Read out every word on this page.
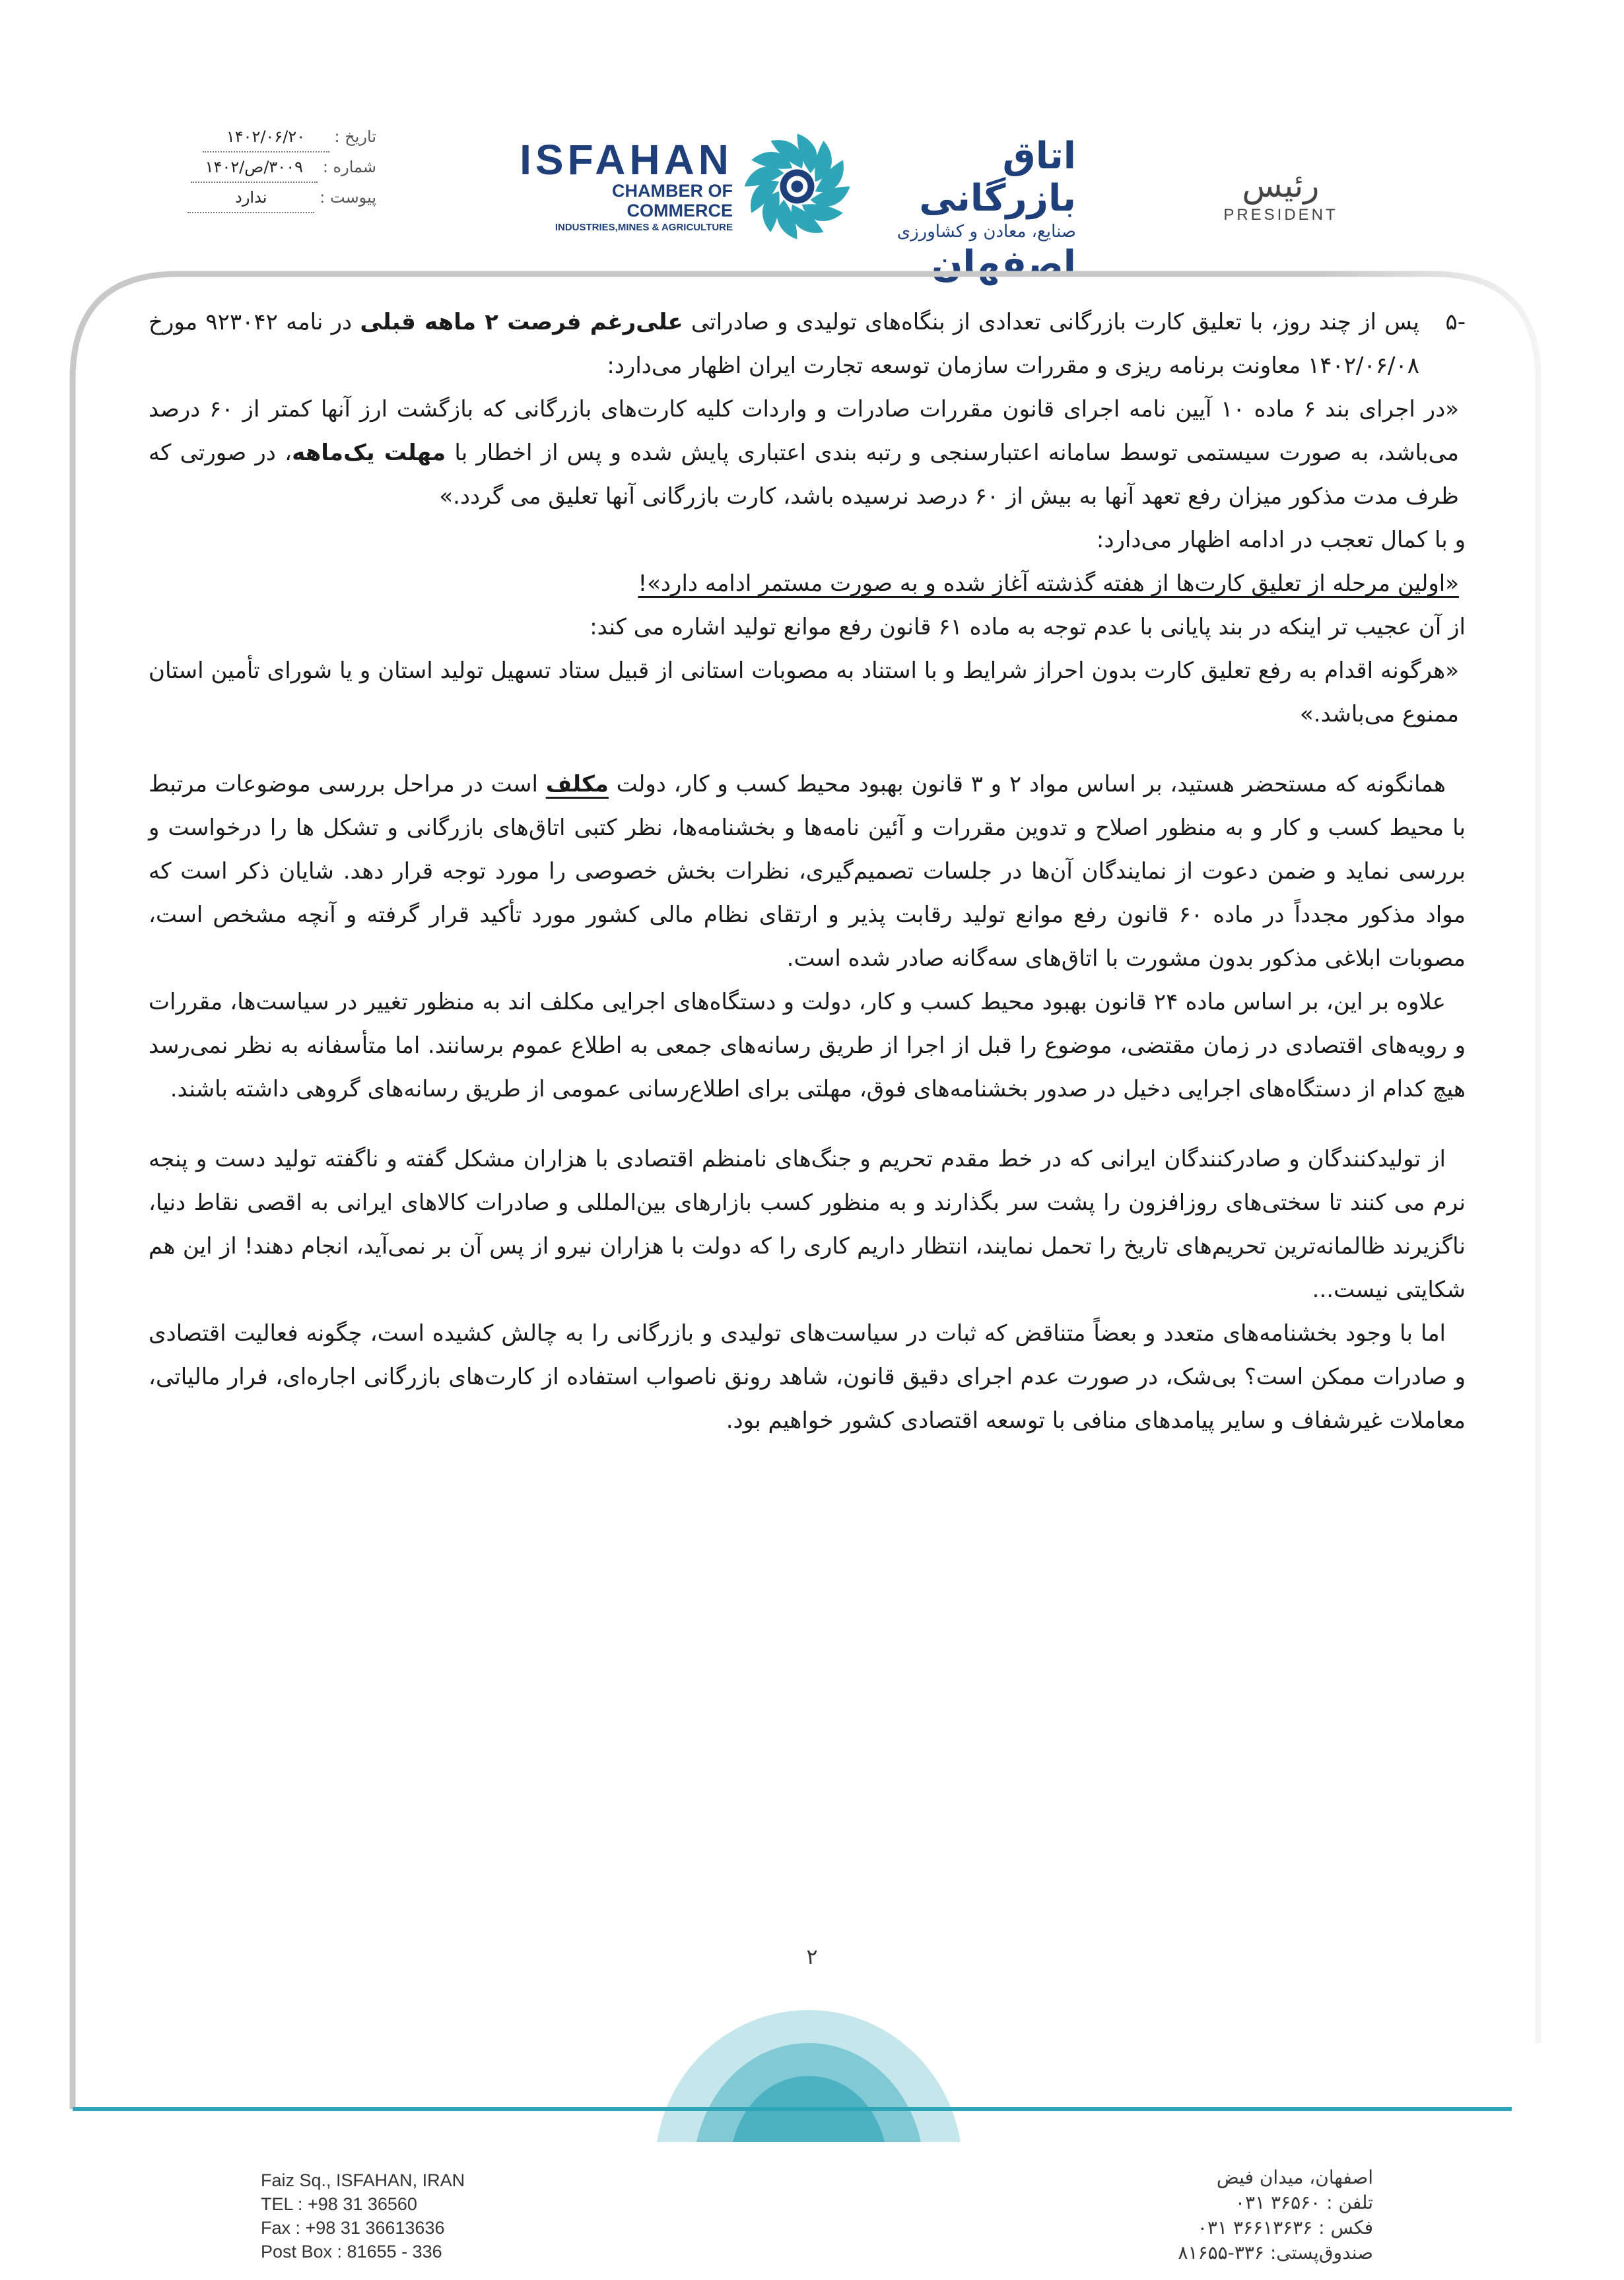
تاریخ :
۱۴۰۲/۰۶/۲۰
شماره :
۳۰۰۹/ص/۱۴۰۲
پیوست :
ندارد
ISFAHAN
CHAMBER OF COMMERCE
INDUSTRIES,MINES & AGRICULTURE
اتاق بازرگانی
صنایع، معادن و کشاورزی
اصفهان
رئیس
PRESIDENT
-۵
پس از چند روز، با تعلیق کارت بازرگانی تعدادی از بنگاه‌های تولیدی و صادراتی علی‌رغم فرصت ۲ ماهه قبلی در نامه ۹۲۳۰۴۲ مورخ ۱۴۰۲/۰۶/۰۸ معاونت برنامه ریزی و مقررات سازمان توسعه تجارت ایران اظهار می‌دارد:

«در اجرای بند ۶ ماده ۱۰ آیین نامه اجرای قانون مقررات صادرات و واردات کلیه کارت‌های بازرگانی که بازگشت ارز آنها کمتر از ۶۰ درصد می‌باشد، به صورت سیستمی توسط سامانه اعتبارسنجی و رتبه بندی اعتباری پایش شده و پس از اخطار با مهلت یک‌ماهه، در صورتی که ظرف مدت مذکور میزان رفع تعهد آنها به بیش از ۶۰ درصد نرسیده باشد، کارت بازرگانی آنها تعلیق می گردد.»

و با کمال تعجب در ادامه اظهار می‌دارد:

«اولین مرحله از تعلیق کارت‌ها از هفته گذشته آغاز شده و به صورت مستمر ادامه دارد»!

از آن عجیب تر اینکه در بند پایانی با عدم توجه به ماده ۶۱ قانون رفع موانع تولید اشاره می کند:

«هرگونه اقدام به رفع تعلیق کارت بدون احراز شرایط و با استناد به مصوبات استانی از قبیل ستاد تسهیل تولید استان و یا شورای تأمین استان ممنوع می‌باشد.»

همانگونه که مستحضر هستید، بر اساس مواد ۲ و ۳ قانون بهبود محیط کسب و کار، دولت مکلف است در مراحل بررسی موضوعات مرتبط با محیط کسب و کار و به منظور اصلاح و تدوین مقررات و آئین نامه‌ها و بخشنامه‌ها، نظر کتبی اتاق‌های بازرگانی و تشکل ها را درخواست و بررسی نماید و ضمن دعوت از نمایندگان آن‌ها در جلسات تصمیم‌گیری، نظرات بخش خصوصی را مورد توجه قرار دهد. شایان ذکر است که مواد مذکور مجدداً در ماده ۶۰ قانون رفع موانع تولید رقابت پذیر و ارتقای نظام مالی کشور مورد تأکید قرار گرفته و آنچه مشخص است، مصوبات ابلاغی مذکور بدون مشورت با اتاق‌های سه‌گانه صادر شده است.

علاوه بر این، بر اساس ماده ۲۴ قانون بهبود محیط کسب و کار، دولت و دستگاه‌های اجرایی مکلف اند به منظور تغییر در سیاست‌ها، مقررات و رویه‌های اقتصادی در زمان مقتضی، موضوع را قبل از اجرا از طریق رسانه‌های جمعی به اطلاع عموم برسانند. اما متأسفانه به نظر نمی‌رسد هیچ کدام از دستگاه‌های اجرایی دخیل در صدور بخشنامه‌های فوق، مهلتی برای اطلاع‌رسانی عمومی از طریق رسانه‌های گروهی داشته باشند.

از تولیدکنندگان و صادرکنندگان ایرانی که در خط مقدم تحریم و جنگ‌های نامنظم اقتصادی با هزاران مشکل گفته و ناگفته تولید دست و پنجه نرم می کنند تا سختی‌های روزافزون را پشت سر بگذارند و به منظور کسب بازارهای بین‌المللی و صادرات کالاهای ایرانی به اقصی نقاط دنیا، ناگزیرند ظالمانه‌ترین تحریم‌های تاریخ را تحمل نمایند، انتظار داریم کاری را که دولت با هزاران نیرو از پس آن بر نمی‌آید، انجام دهند! از این هم شکایتی نیست...

اما با وجود بخشنامه‌های متعدد و بعضاً متناقض که ثبات در سیاست‌های تولیدی و بازرگانی را به چالش کشیده است، چگونه فعالیت اقتصادی و صادرات ممکن است؟ بی‌شک، در صورت عدم اجرای دقیق قانون، شاهد رونق ناصواب استفاده از کارت‌های بازرگانی اجاره‌ای، فرار مالیاتی، معاملات غیرشفاف و سایر پیامدهای منافی با توسعه اقتصادی کشور خواهیم بود.

۲
Faiz Sq., ISFAHAN, IRAN
TEL : +98 31 36560
Fax : +98 31 36613636
Post Box : 81655 - 336
ECCIM.COM
info@eccim.com
اصفهان، میدان فیض
تلفن : ۳۶۵۶۰ ۰۳۱
فکس : ۳۶۶۱۳۶۳۶ ۰۳۱
صندوق‌پستی: ۳۳۶-۸۱۶۵۵
